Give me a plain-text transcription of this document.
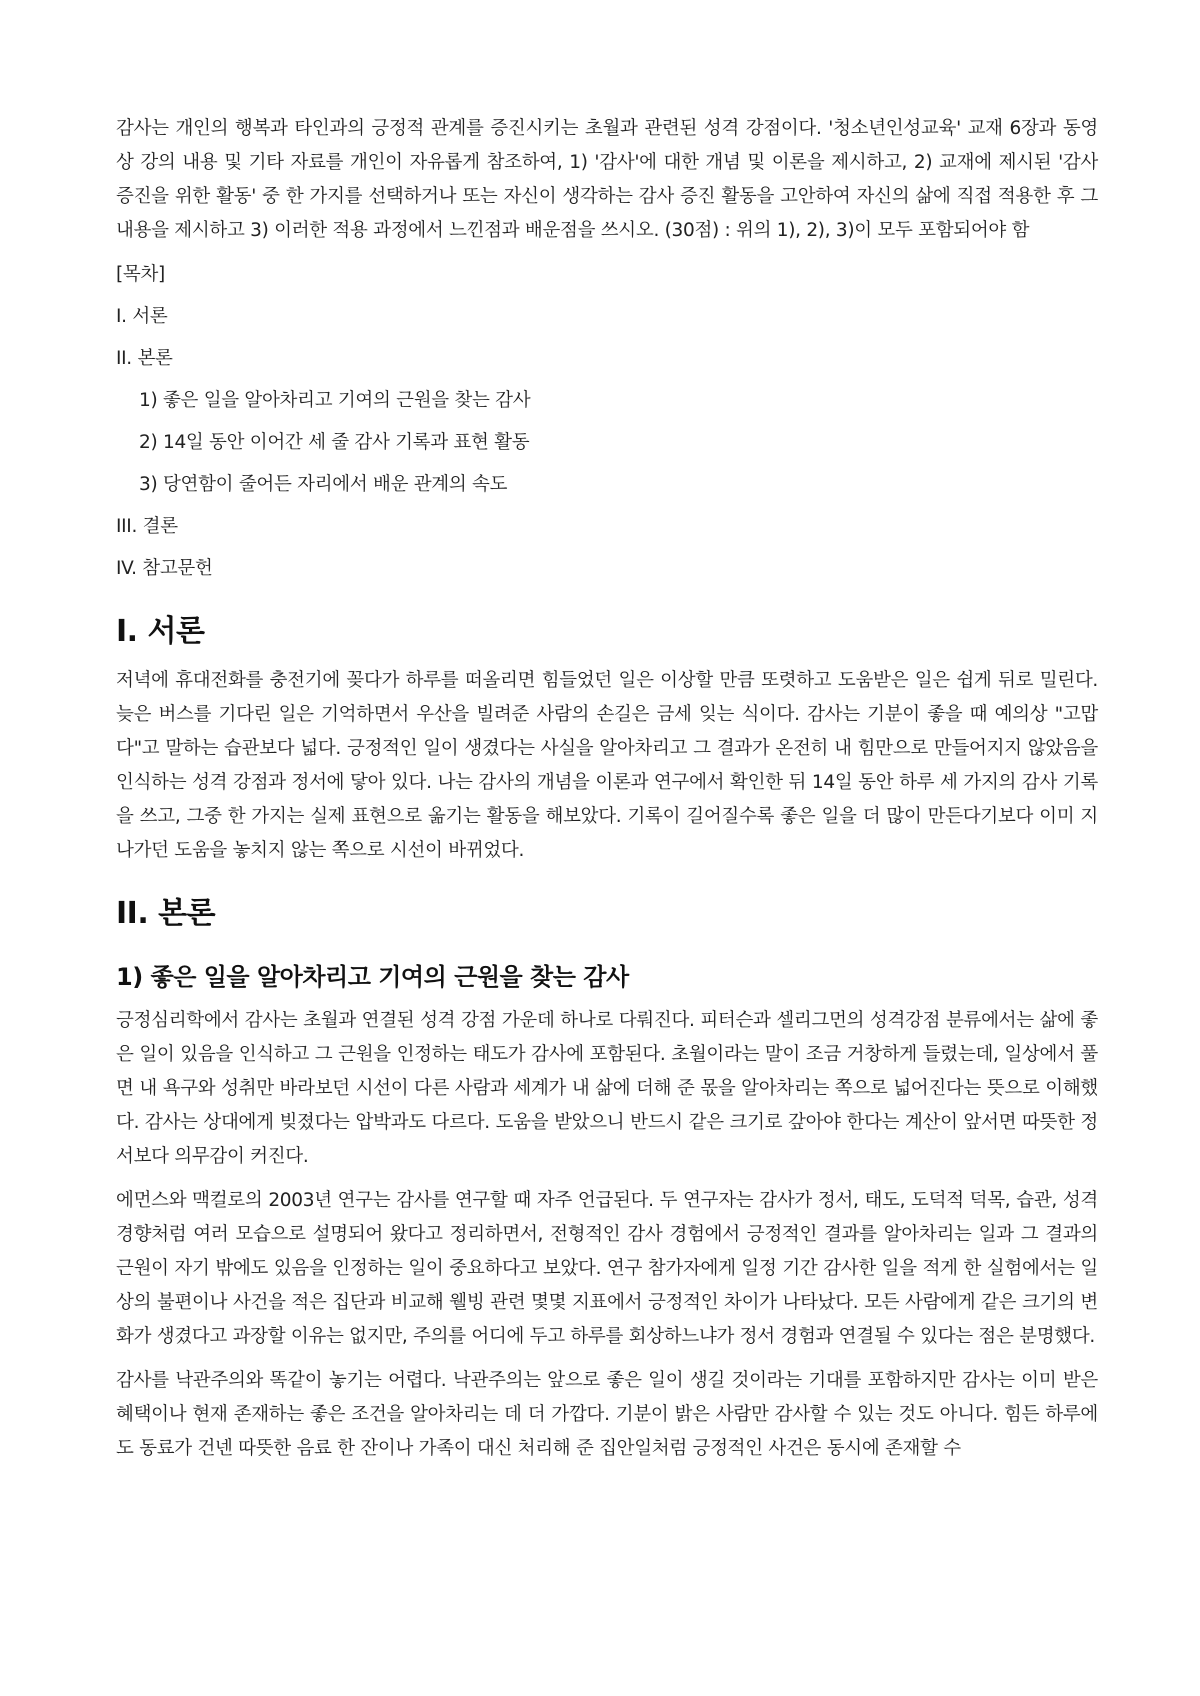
감사는 개인의 행복과 타인과의 긍정적 관계를 증진시키는 초월과 관련된 성격 강점이다. '청소년인성교육' 교재 6장과 동영상 강의 내용 및 기타 자료를 개인이 자유롭게 참조하여, 1) '감사'에 대한 개념 및 이론을 제시하고, 2) 교재에 제시된 '감사 증진을 위한 활동' 중 한 가지를 선택하거나 또는 자신이 생각하는 감사 증진 활동을 고안하여 자신의 삶에 직접 적용한 후 그 내용을 제시하고 3) 이러한 적용 과정에서 느낀점과 배운점을 쓰시오. (30점) : 위의 1), 2), 3)이 모두 포함되어야 함

[목차]

I. 서론

II. 본론

1) 좋은 일을 알아차리고 기여의 근원을 찾는 감사

2) 14일 동안 이어간 세 줄 감사 기록과 표현 활동

3) 당연함이 줄어든 자리에서 배운 관계의 속도

III. 결론

IV. 참고문헌

I. 서론

저녁에 휴대전화를 충전기에 꽂다가 하루를 떠올리면 힘들었던 일은 이상할 만큼 또렷하고 도움받은 일은 쉽게 뒤로 밀린다. 늦은 버스를 기다린 일은 기억하면서 우산을 빌려준 사람의 손길은 금세 잊는 식이다. 감사는 기분이 좋을 때 예의상 "고맙다"고 말하는 습관보다 넓다. 긍정적인 일이 생겼다는 사실을 알아차리고 그 결과가 온전히 내 힘만으로 만들어지지 않았음을 인식하는 성격 강점과 정서에 닿아 있다. 나는 감사의 개념을 이론과 연구에서 확인한 뒤 14일 동안 하루 세 가지의 감사 기록을 쓰고, 그중 한 가지는 실제 표현으로 옮기는 활동을 해보았다. 기록이 길어질수록 좋은 일을 더 많이 만든다기보다 이미 지나가던 도움을 놓치지 않는 쪽으로 시선이 바뀌었다.

II. 본론
1) 좋은 일을 알아차리고 기여의 근원을 찾는 감사

긍정심리학에서 감사는 초월과 연결된 성격 강점 가운데 하나로 다뤄진다. 피터슨과 셀리그먼의 성격강점 분류에서는 삶에 좋은 일이 있음을 인식하고 그 근원을 인정하는 태도가 감사에 포함된다. 초월이라는 말이 조금 거창하게 들렸는데, 일상에서 풀면 내 욕구와 성취만 바라보던 시선이 다른 사람과 세계가 내 삶에 더해 준 몫을 알아차리는 쪽으로 넓어진다는 뜻으로 이해했다. 감사는 상대에게 빚졌다는 압박과도 다르다. 도움을 받았으니 반드시 같은 크기로 갚아야 한다는 계산이 앞서면 따뜻한 정서보다 의무감이 커진다.

에먼스와 맥컬로의 2003년 연구는 감사를 연구할 때 자주 언급된다. 두 연구자는 감사가 정서, 태도, 도덕적 덕목, 습관, 성격 경향처럼 여러 모습으로 설명되어 왔다고 정리하면서, 전형적인 감사 경험에서 긍정적인 결과를 알아차리는 일과 그 결과의 근원이 자기 밖에도 있음을 인정하는 일이 중요하다고 보았다. 연구 참가자에게 일정 기간 감사한 일을 적게 한 실험에서는 일상의 불편이나 사건을 적은 집단과 비교해 웰빙 관련 몇몇 지표에서 긍정적인 차이가 나타났다. 모든 사람에게 같은 크기의 변화가 생겼다고 과장할 이유는 없지만, 주의를 어디에 두고 하루를 회상하느냐가 정서 경험과 연결될 수 있다는 점은 분명했다.

감사를 낙관주의와 똑같이 놓기는 어렵다. 낙관주의는 앞으로 좋은 일이 생길 것이라는 기대를 포함하지만 감사는 이미 받은 혜택이나 현재 존재하는 좋은 조건을 알아차리는 데 더 가깝다. 기분이 밝은 사람만 감사할 수 있는 것도 아니다. 힘든 하루에도 동료가 건넨 따뜻한 음료 한 잔이나 가족이 대신 처리해 준 집안일처럼 긍정적인 사건은 동시에 존재할 수
